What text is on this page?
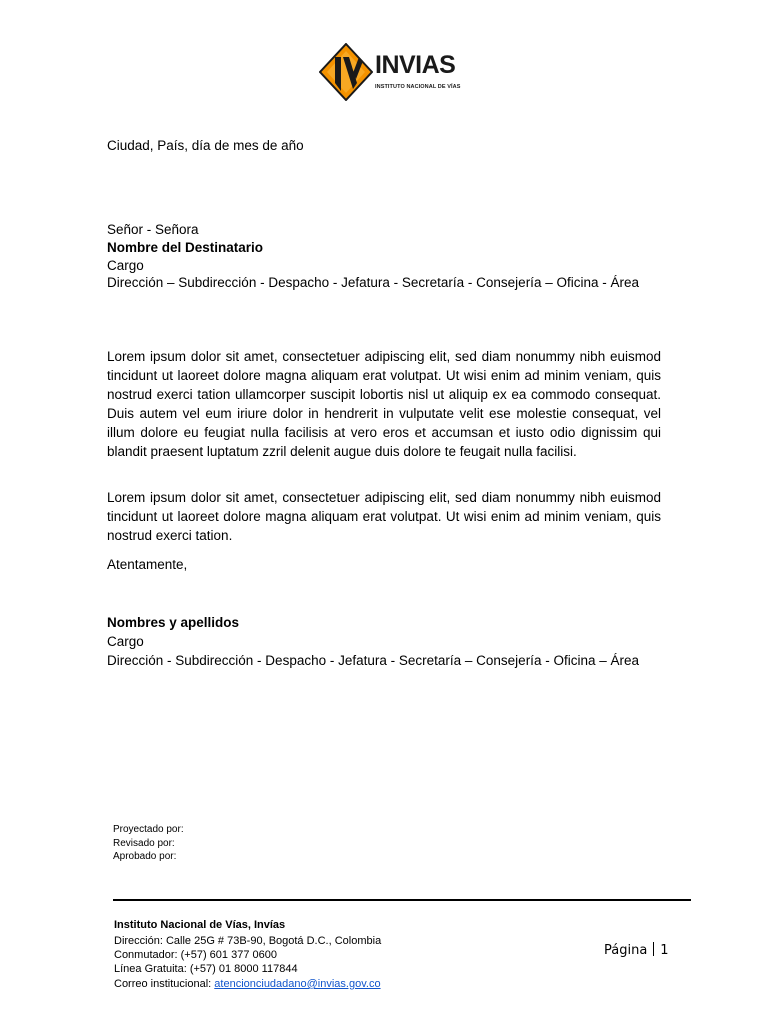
INVIAS
INSTITUTO NACIONAL DE VÍAS

Ciudad, País, día de mes de año

Señor - Señora

Nombre del Destinatario

Cargo

Dirección – Subdirección - Despacho - Jefatura - Secretaría - Consejería – Oficina - Área

Lorem ipsum dolor sit amet, consectetuer adipiscing elit, sed diam nonummy nibh euismod tincidunt ut laoreet dolore magna aliquam erat volutpat. Ut wisi enim ad minim veniam, quis nostrud exerci tation ullamcorper suscipit lobortis nisl ut aliquip ex ea commodo consequat. Duis autem vel eum iriure dolor in hendrerit in vulputate velit ese molestie consequat, vel illum dolore eu feugiat nulla facilisis at vero eros et accumsan et iusto odio dignissim qui blandit praesent luptatum zzril delenit augue duis dolore te feugait nulla facilisi.

Lorem ipsum dolor sit amet, consectetuer adipiscing elit, sed diam nonummy nibh euismod tincidunt ut laoreet dolore magna aliquam erat volutpat. Ut wisi enim ad minim veniam, quis nostrud exerci tation.

Atentamente,

Nombres y apellidos

Cargo

Dirección - Subdirección - Despacho - Jefatura - Secretaría – Consejería - Oficina – Área

Proyectado por:

Revisado por:

Aprobado por:

Instituto Nacional de Vías, Invías

Dirección: Calle 25G # 73B-90, Bogotá D.C., Colombia

Conmutador: (+57) 601 377 0600

Línea Gratuita: (+57) 01 8000 117844

Correo institucional: atencionciudadano@invias.gov.co

Página 1
